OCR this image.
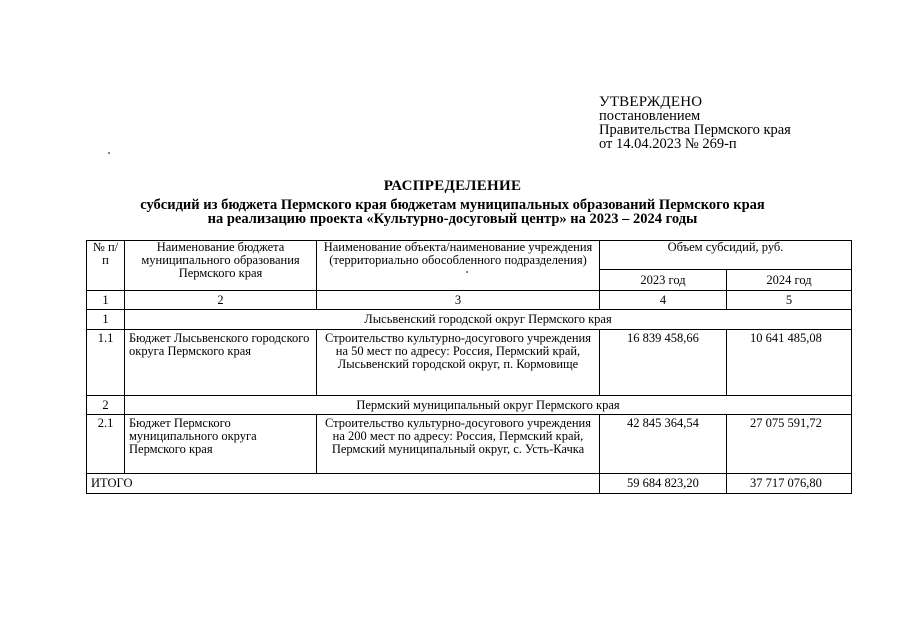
УТВЕРЖДЕНО
постановлением
Правительства Пермского края
от 14.04.2023 № 269-п
РАСПРЕДЕЛЕНИЕ
субсидий из бюджета Пермского края бюджетам муниципальных образований Пермского края
на реализацию проекта «Культурно-досуговый центр» на 2023 – 2024 годы
№ п/п	Наименование бюджета муниципального образования Пермского края	Наименование объекта/наименование учреждения (территориально обособленного подразделения)	Объем субсидий, руб.	
			2023 год	2024 год
1	2	3	4	5
1	Лысьвенский городской округ Пермского края			
1.1	Бюджет Лысьвенского городского округа Пермского края	Строительство культурно-досугового учреждения на 50 мест по адресу: Россия, Пермский край, Лысьвенский городской округ, п. Кормовище	16 839 458,66	10 641 485,08
2	Пермский муниципальный округ Пермского края			
2.1	Бюджет Пермского муниципального округа Пермского края	Строительство культурно-досугового учреждения на 200 мест по адресу: Россия, Пермский край, Пермский муниципальный округ, с. Усть-Качка	42 845 364,54	27 075 591,72
ИТОГО			59 684 823,20	37 717 076,80
